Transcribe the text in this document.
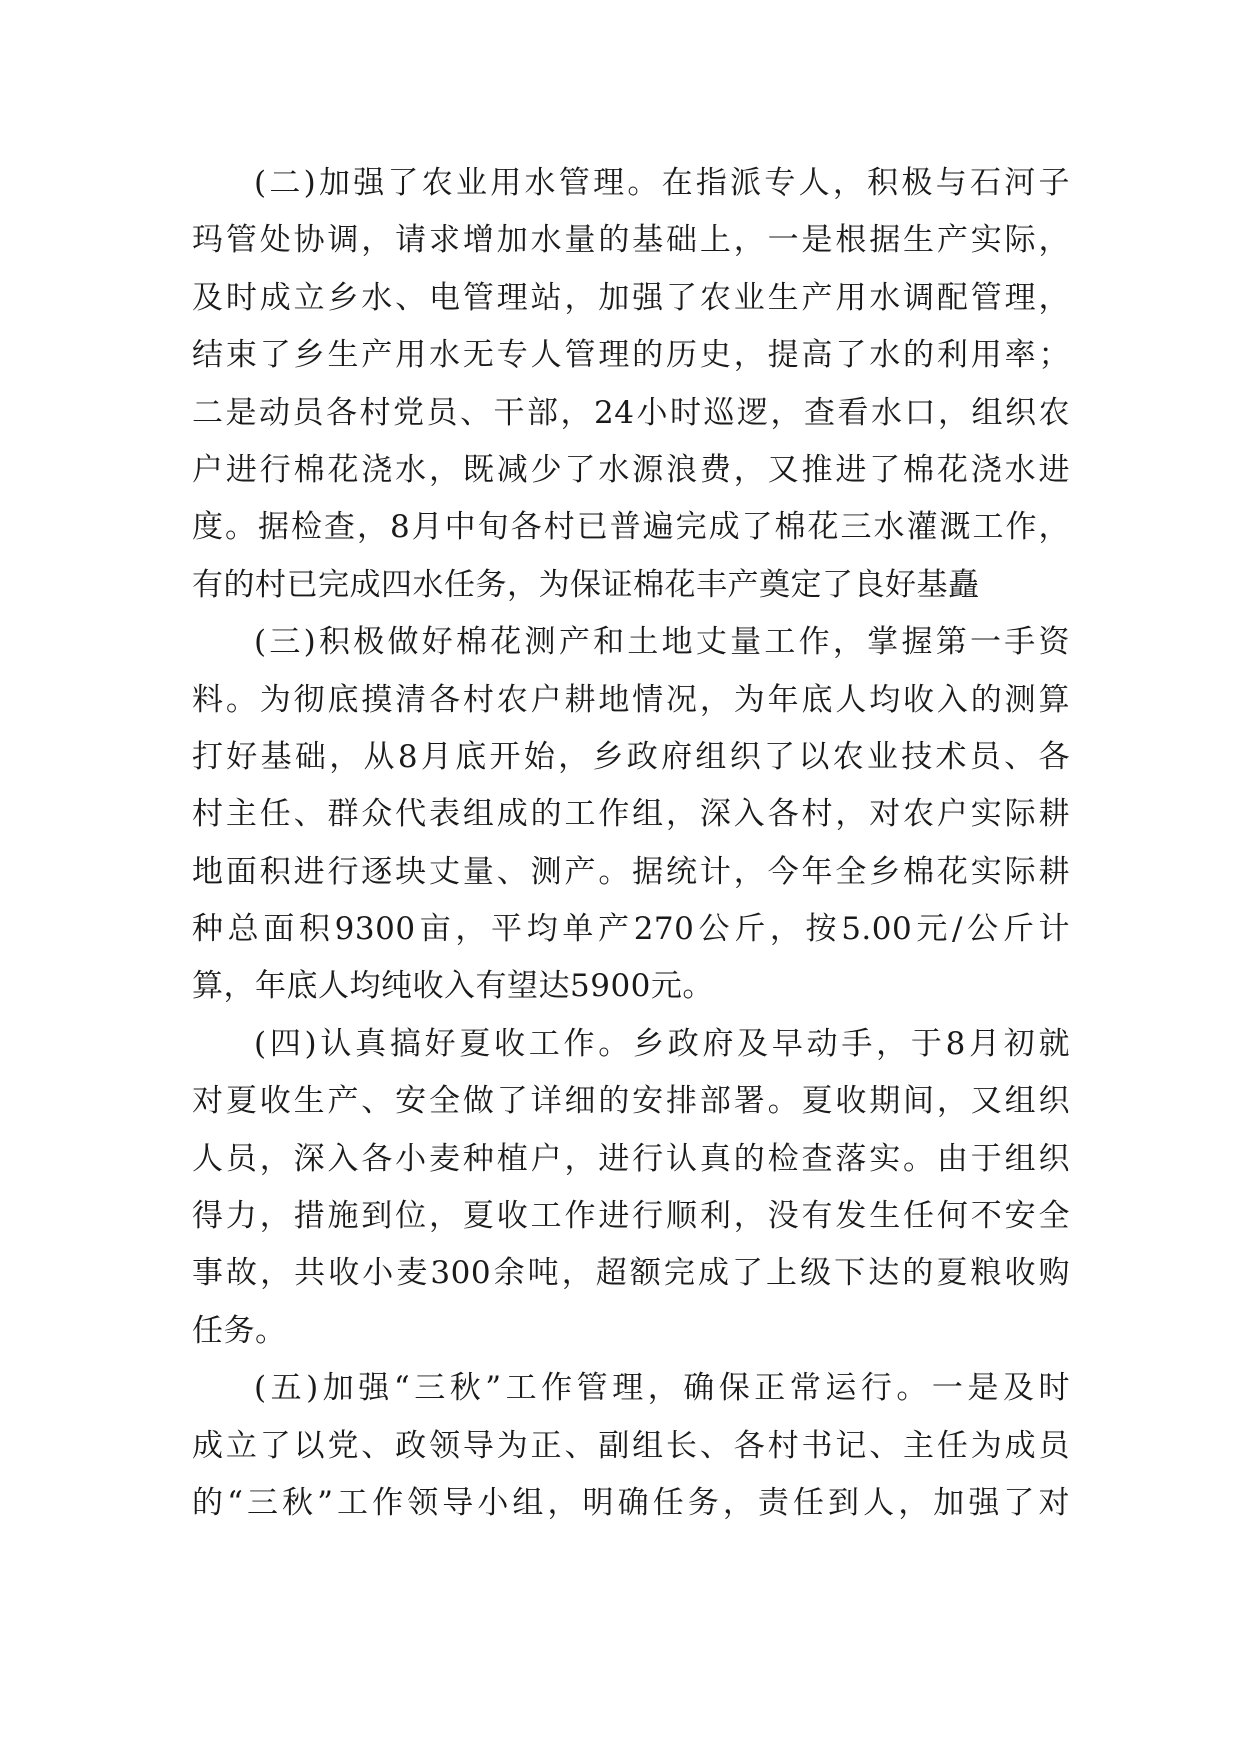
(二)加强了农业用水管理。在指派专人，积极与石河子
玛管处协调，请求增加水量的基础上，一是根据生产实际，
及时成立乡水、电管理站，加强了农业生产用水调配管理，
结束了乡生产用水无专人管理的历史，提高了水的利用率；
二是动员各村党员、干部，24小时巡逻，查看水口，组织农
户进行棉花浇水，既减少了水源浪费，又推进了棉花浇水进
度。据检查，8月中旬各村已普遍完成了棉花三水灌溉工作，
有的村已完成四水任务，为保证棉花丰产奠定了良好基矗
(三)积极做好棉花测产和土地丈量工作，掌握第一手资
料。为彻底摸清各村农户耕地情况，为年底人均收入的测算
打好基础，从8月底开始，乡政府组织了以农业技术员、各
村主任、群众代表组成的工作组，深入各村，对农户实际耕
地面积进行逐块丈量、测产。据统计，今年全乡棉花实际耕
种总面积9300亩，平均单产270公斤，按5.00元/公斤计
算，年底人均纯收入有望达5900元。
(四)认真搞好夏收工作。乡政府及早动手，于8月初就
对夏收生产、安全做了详细的安排部署。夏收期间，又组织
人员，深入各小麦种植户，进行认真的检查落实。由于组织
得力，措施到位，夏收工作进行顺利，没有发生任何不安全
事故，共收小麦300余吨，超额完成了上级下达的夏粮收购
任务。
(五)加强“三秋”工作管理，确保正常运行。一是及时
成立了以党、政领导为正、副组长、各村书记、主任为成员
的“三秋”工作领导小组，明确任务，责任到人，加强了对
